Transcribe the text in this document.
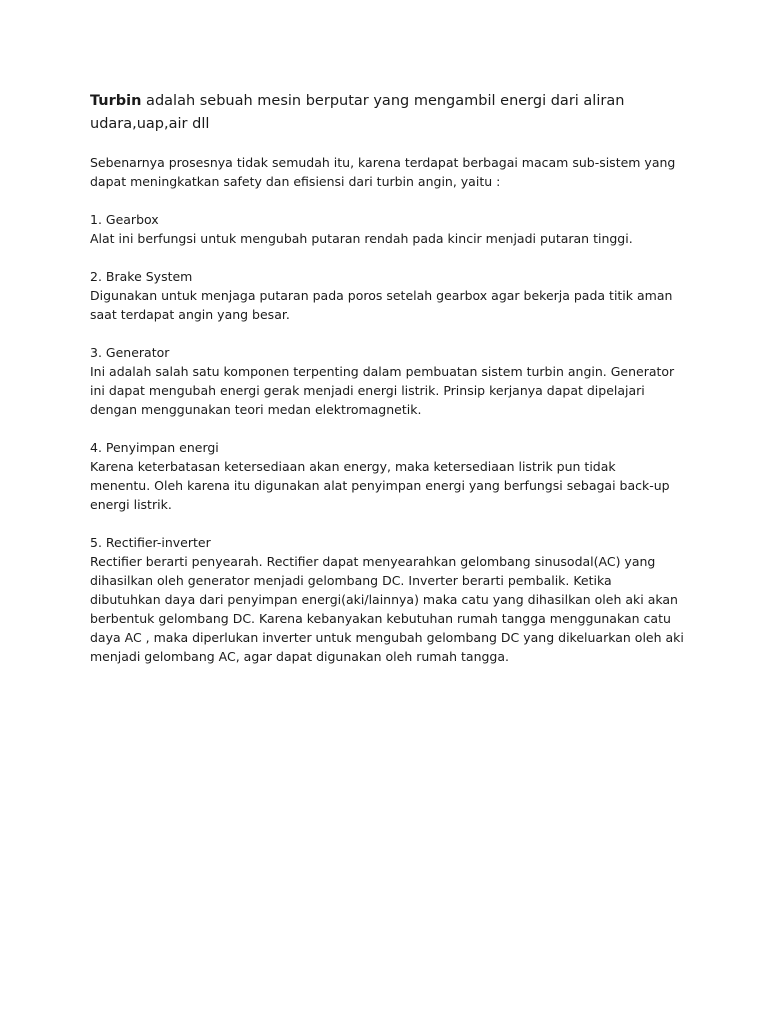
Turbin adalah sebuah mesin berputar yang mengambil energi dari aliran
udara,uap,air dll

Sebenarnya prosesnya tidak semudah itu, karena terdapat berbagai macam sub-sistem yang
dapat meningkatkan safety dan efisiensi dari turbin angin, yaitu :

1. Gearbox

Alat ini berfungsi untuk mengubah putaran rendah pada kincir menjadi putaran tinggi.

2. Brake System

Digunakan untuk menjaga putaran pada poros setelah gearbox agar bekerja pada titik aman
saat terdapat angin yang besar.

3. Generator

Ini adalah salah satu komponen terpenting dalam pembuatan sistem turbin angin. Generator
ini dapat mengubah energi gerak menjadi energi listrik. Prinsip kerjanya dapat dipelajari
dengan menggunakan teori medan elektromagnetik.

4. Penyimpan energi

Karena keterbatasan ketersediaan akan energy, maka ketersediaan listrik pun tidak
menentu. Oleh karena itu digunakan alat penyimpan energi yang berfungsi sebagai back-up
energi listrik.

5. Rectifier-inverter

Rectifier berarti penyearah. Rectifier dapat menyearahkan gelombang sinusodal(AC) yang
dihasilkan oleh generator menjadi gelombang DC. Inverter berarti pembalik. Ketika
dibutuhkan daya dari penyimpan energi(aki/lainnya) maka catu yang dihasilkan oleh aki akan
berbentuk gelombang DC. Karena kebanyakan kebutuhan rumah tangga menggunakan catu
daya AC , maka diperlukan inverter untuk mengubah gelombang DC yang dikeluarkan oleh aki
menjadi gelombang AC, agar dapat digunakan oleh rumah tangga.
